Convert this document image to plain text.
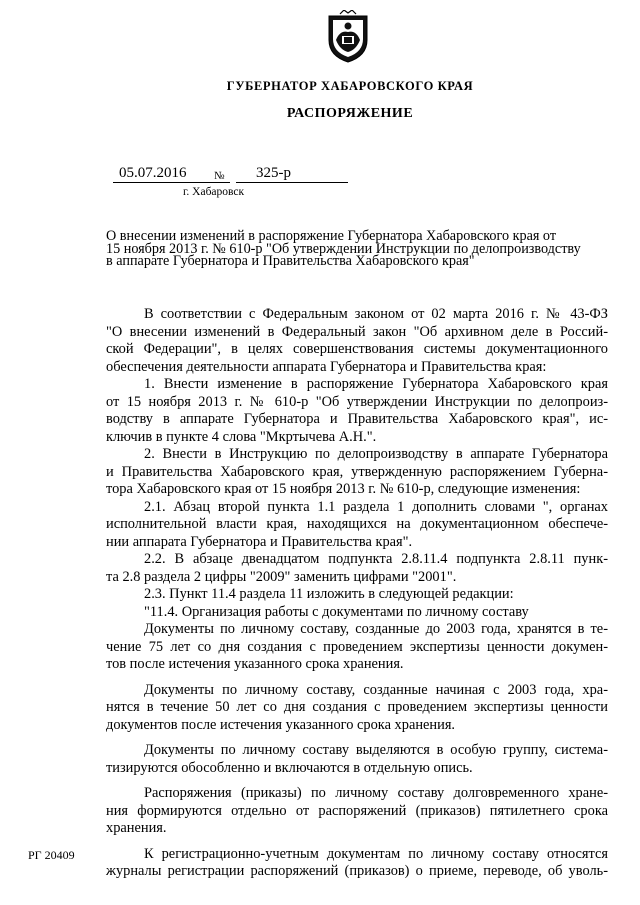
ГУБЕРНАТОР ХАБАРОВСКОГО КРАЯ
РАСПОРЯЖЕНИЕ
05.07.2016	№	325-р
г. Хабаровск
О внесении изменений в распоряжение Губернатора Хабаровского края от
15 ноября 2013 г. № 610-р "Об утверждении Инструкции по делопроизводству
в аппарате Губернатора и Правительства Хабаровского края"

В соответствии с Федеральным законом от 02 марта 2016 г. № 43-ФЗ

"О внесении изменений в Федеральный закон "Об архивном деле в Россий-

ской Федерации", в целях совершенствования системы документационного

обеспечения деятельности аппарата Губернатора и Правительства края:

1. Внести изменение в распоряжение Губернатора Хабаровского края

от 15 ноября 2013 г. № 610-р "Об утверждении Инструкции по делопроиз-

водству в аппарате Губернатора и Правительства Хабаровского края", ис-

ключив в пункте 4 слова "Мкртычева А.Н.".

2. Внести в Инструкцию по делопроизводству в аппарате Губернатора

и Правительства Хабаровского края, утвержденную распоряжением Губерна-

тора Хабаровского края от 15 ноября 2013 г. № 610-р, следующие изменения:

2.1. Абзац второй пункта 1.1 раздела 1 дополнить словами ", органах

исполнительной власти края, находящихся на документационном обеспече-

нии аппарата Губернатора и Правительства края".

2.2. В абзаце двенадцатом подпункта 2.8.11.4 подпункта 2.8.11 пунк-

та 2.8 раздела 2 цифры "2009" заменить цифрами "2001".

2.3. Пункт 11.4 раздела 11 изложить в следующей редакции:

"11.4. Организация работы с документами по личному составу

Документы по личному составу, созданные до 2003 года, хранятся в те-

чение 75 лет со дня создания с проведением экспертизы ценности докумен-

тов после истечения указанного срока хранения.

Документы по личному составу, созданные начиная с 2003 года, хра-

нятся в течение 50 лет со дня создания с проведением экспертизы ценности

документов после истечения указанного срока хранения.

Документы по личному составу выделяются в особую группу, система-

тизируются обособленно и включаются в отдельную опись.

Распоряжения (приказы) по личному составу долговременного хране-

ния формируются отдельно от распоряжений (приказов) пятилетнего срока

хранения.

К регистрационно-учетным документам по личному составу относятся

журналы регистрации распоряжений (приказов) о приеме, переводе, об уволь-

РГ 20409
